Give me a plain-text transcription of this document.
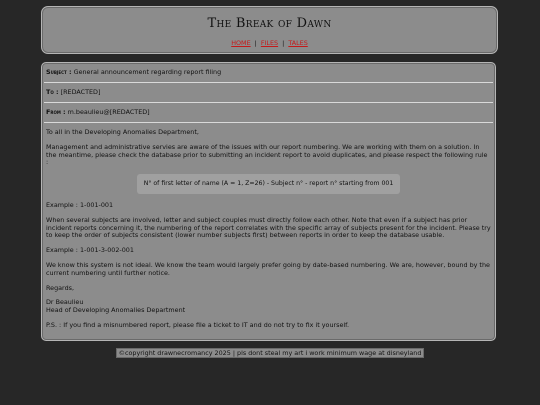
The Break of Dawn
HOME | FILES | TALES
Subject : General announcement regarding report filing
To : [REDACTED]
From : m.beaulieu@[REDACTED]

To all in the Developing Anomalies Department,

Management and administrative servies are aware of the issues with our report numbering. We are working with them on a solution. In the meantime, please check the database prior to submitting an incident report to avoid duplicates, and please respect the following rule :

N° of first letter of name (A = 1, Z=26) - Subject n° - report n° starting from 001

Example : 1-001-001

When several subjects are involved, letter and subject couples must directly follow each other. Note that even if a subject has prior incident reports concerning it, the numbering of the report correlates with the specific array of subjects present for the incident. Please try to keep the order of subjects consistent (lower number subjects first) between reports in order to keep the database usable.

Example : 1-001-3-002-001

We know this system is not ideal. We know the team would largely prefer going by date-based numbering. We are, however, bound by the current numbering until further notice.

Regards,

Dr Beaulieu
Head of Developing Anomalies Department

P.S. : If you find a misnumbered report, please file a ticket to IT and do not try to fix it yourself.

©copyright drawnecromancy 2025 | pls dont steal my art i work minimum wage at disneyland
